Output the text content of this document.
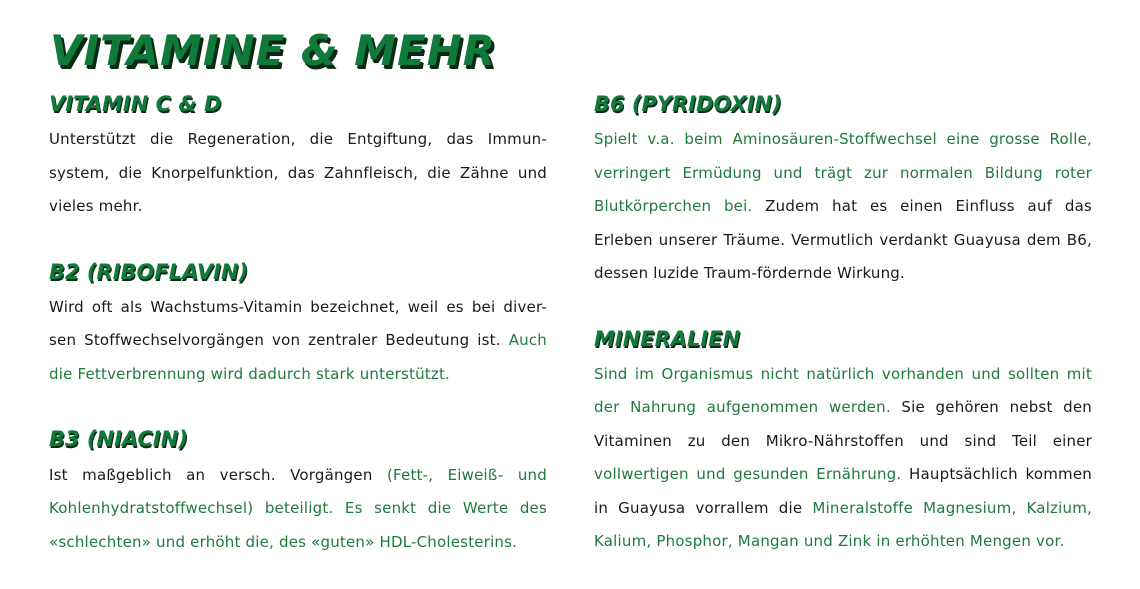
VITAMINE & MEHR
VITAMIN C & D

Unterstützt die Regeneration, die Entgiftung, das Immun-system, die Knorpelfunktion, das Zahnfleisch, die Zähne und vieles mehr.

B2 (RIBOFLAVIN)

Wird oft als Wachstums-Vitamin bezeichnet, weil es bei diver-sen Stoffwechselvorgängen von zentraler Bedeutung ist. Auch die Fettverbrennung wird dadurch stark unterstützt.

B3 (NIACIN)

Ist maßgeblich an versch. Vorgängen (Fett-, Eiweiß- und Kohlenhydratstoffwechsel) beteiligt. Es senkt die Werte des «schlechten» und erhöht die, des «guten» HDL-Cholesterins.

B6 (PYRIDOXIN)

Spielt v.a. beim Aminosäuren-Stoffwechsel eine grosse Rolle, verringert Ermüdung und trägt zur normalen Bildung roter Blutkörperchen bei. Zudem hat es einen Einfluss auf das Erleben unserer Träume. Vermutlich verdankt Guayusa dem B6, dessen luzide Traum-fördernde Wirkung.

MINERALIEN

Sind im Organismus nicht natürlich vorhanden und sollten mit der Nahrung aufgenommen werden. Sie gehören nebst den Vitaminen zu den Mikro-Nährstoffen und sind Teil einer vollwertigen und gesunden Ernährung. Hauptsächlich kommen in Guayusa vorrallem die Mineralstoffe Magnesium, Kalzium, Kalium, Phosphor, Mangan und Zink in erhöhten Mengen vor.
